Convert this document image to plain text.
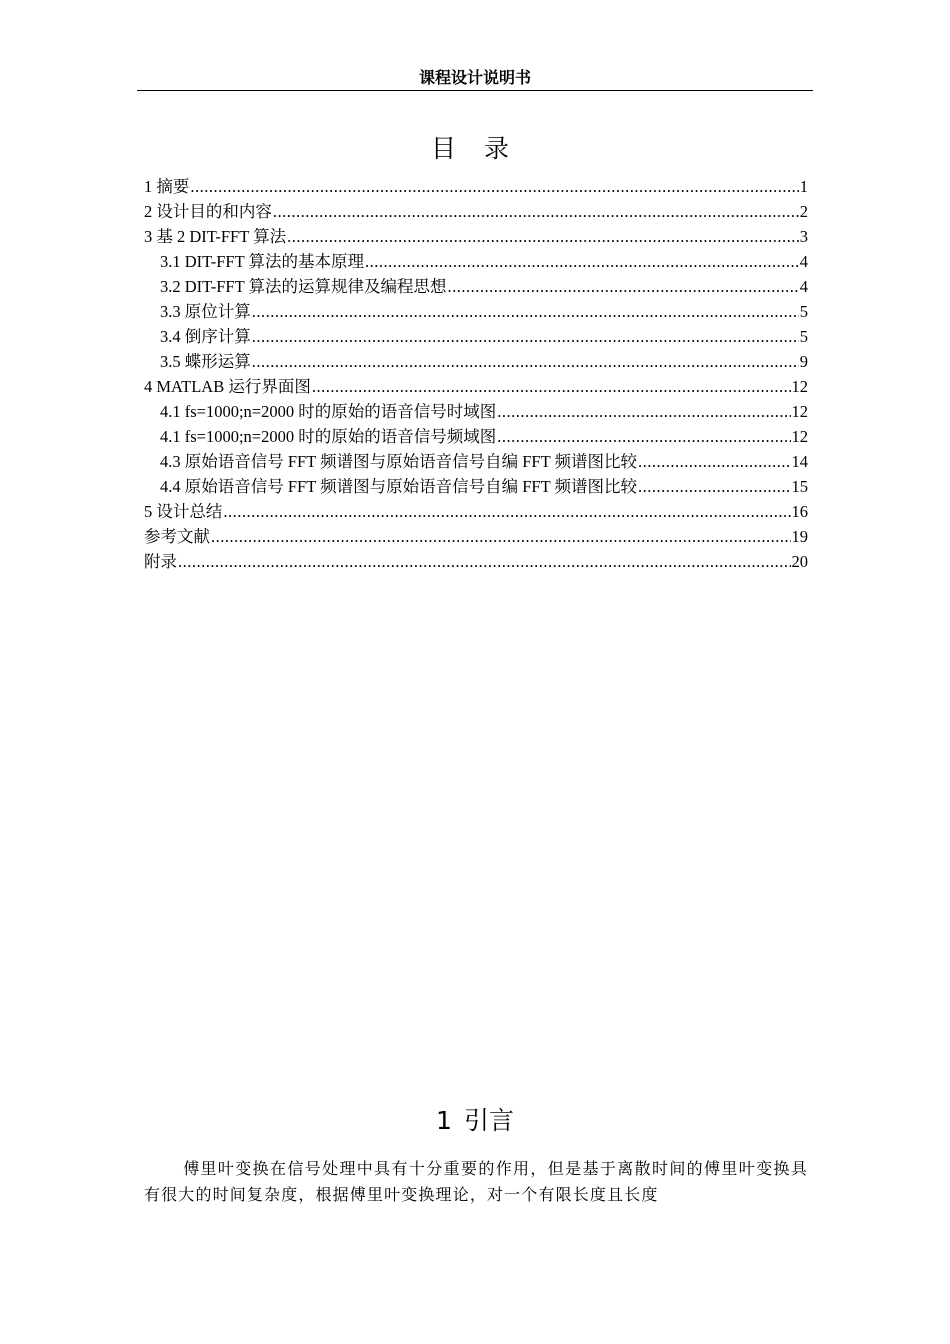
课程设计说明书
目 录
1 摘要 .....	1
2 设计目的和内容 .....	2
3 基 2 DIT-FFT 算法 .....	3
3.1 DIT-FFT 算法的基本原理 .....	4
3.2 DIT-FFT 算法的运算规律及编程思想 .....	4
3.3 原位计算 .....	5
3.4 倒序计算 .....	5
3.5 蝶形运算 .....	9
4 MATLAB 运行界面图 .....	12
4.1 fs=1000;n=2000 时的原始的语音信号时域图 .....	12
4.1 fs=1000;n=2000 时的原始的语音信号频域图 .....	12
4.3 原始语音信号 FFT 频谱图与原始语音信号自编 FFT 频谱图比较 .....	14
4.4 原始语音信号 FFT 频谱图与原始语音信号自编 FFT 频谱图比较 .....	15
5 设计总结 .....	16
参考文献 .....	19
附录 .....	20
1 引言

傅里叶变换在信号处理中具有十分重要的作用，但是基于离散时间的傅里叶变换具有很大的时间复杂度，根据傅里叶变换理论，对一个有限长度且长度
